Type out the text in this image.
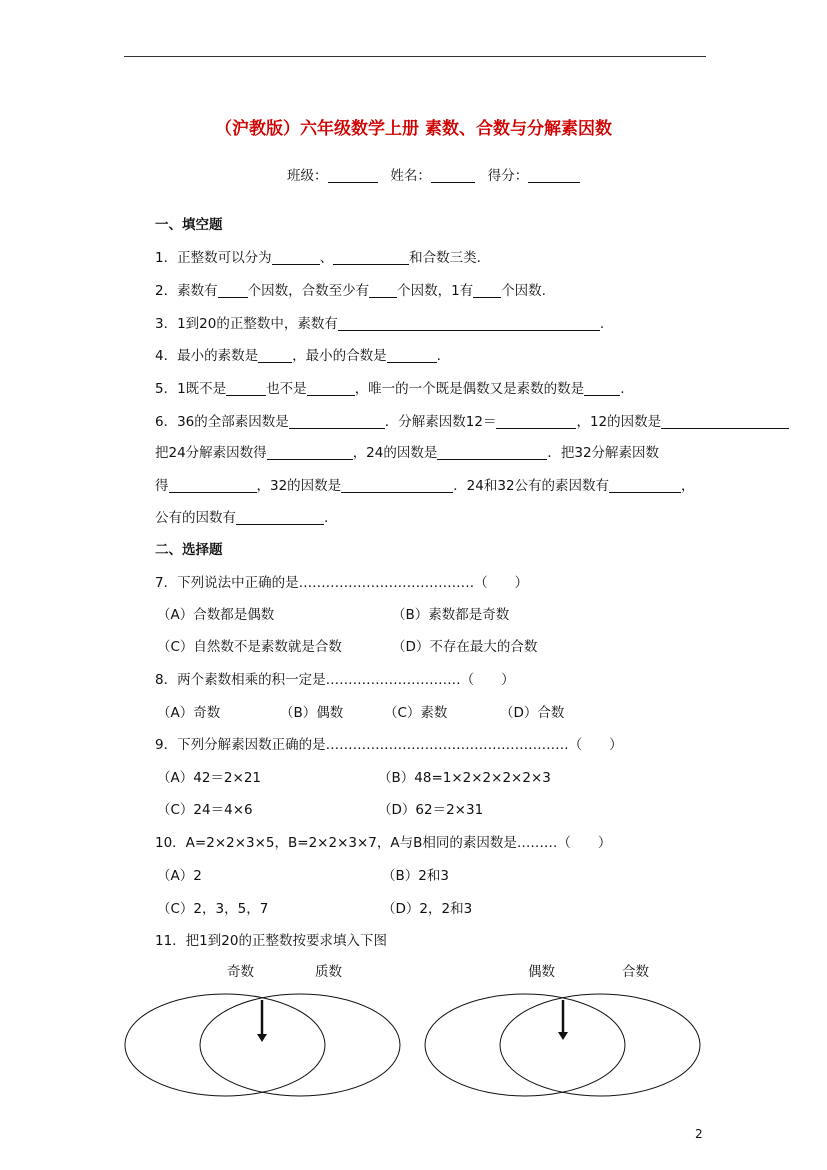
（沪教版）六年级数学上册 素数、合数与分解素因数
班级：	姓名：	得分：
一、填空题
1．正整数可以分为	、	和合数三类.
2．素数有 个因数，合数至少有 个因数，1有 个因数.
3．1到20的正整数中，素数有	.
4．最小的素数是	，最小的合数是	.
5．1既不是	也不是	，唯一的一个既是偶数又是素数的数是	.
6．36的全部素因数是	．分解素因数12＝	，12的因数是
把24分解素因数得	，24的因数是	．把32分解素因数
得	，32的因数是	．24和32公有的素因数有	，
公有的因数有	.
二、选择题
7．下列说法中正确的是…………………………………（　　）
（A）合数都是偶数	（B）素数都是奇数
（C）自然数不是素数就是合数	（D）不存在最大的合数
8．两个素数相乘的积一定是…………………………（　　）
（A）奇数	（B）偶数	（C）素数	（D）合数
9．下列分解素因数正确的是………………………………………………（　　）
（A）42＝2×21	（B）48=1×2×2×2×2×3
（C）24＝4×6	（D）62＝2×31
10．A=2×2×3×5，B=2×2×3×7，A与B相同的素因数是………（　　）
（A）2	（B）2和3
（C）2，3，5，7	（D）2，2和3
11．把1到20的正整数按要求填入下图
奇数	质数	偶数	合数
2
